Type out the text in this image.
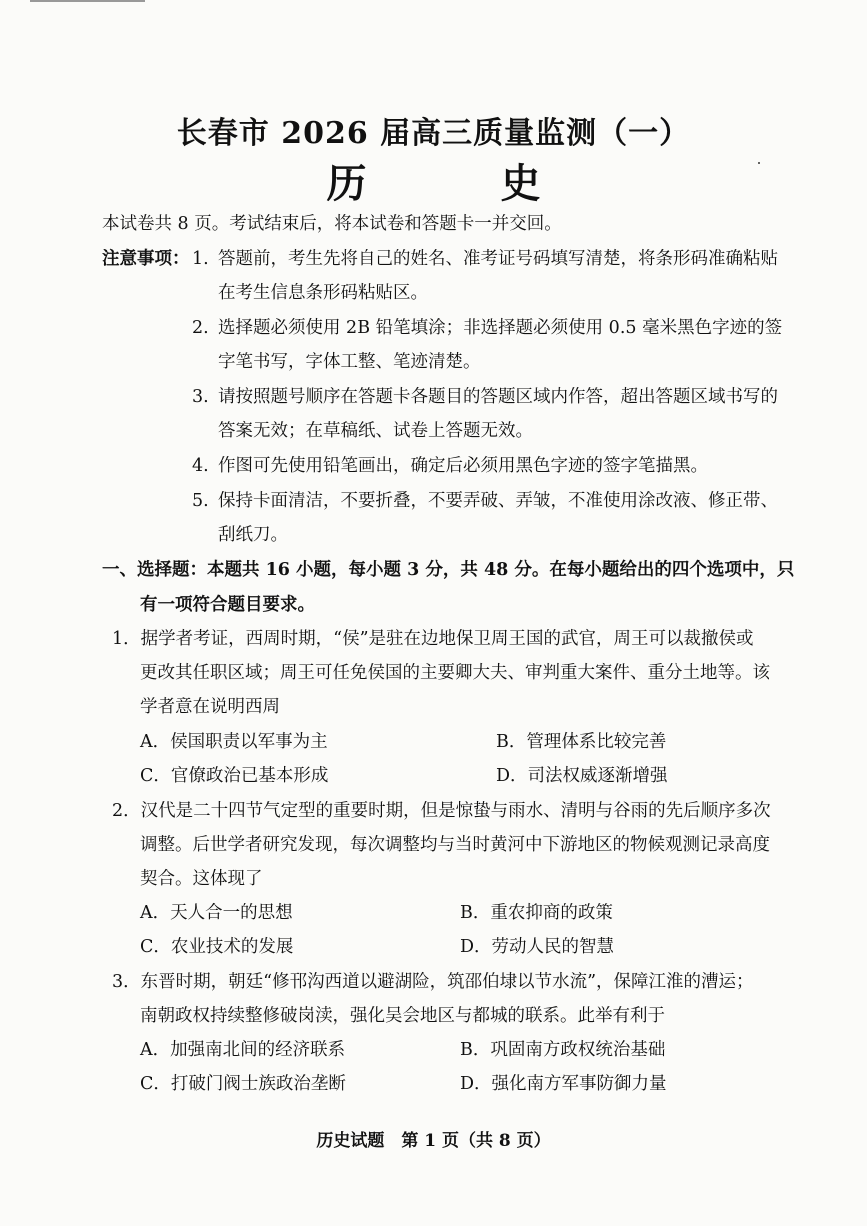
长春市 2026 届高三质量监测（一）
历 史
本试卷共 8 页。考试结束后，将本试卷和答题卡一并交回。
注意事项： 1. 答题前，考生先将自己的姓名、准考证号码填写清楚，将条形码准确粘贴
在考生信息条形码粘贴区。
2. 选择题必须使用 2B 铅笔填涂；非选择题必须使用 0.5 毫米黑色字迹的签
字笔书写，字体工整、笔迹清楚。
3. 请按照题号顺序在答题卡各题目的答题区域内作答，超出答题区域书写的
答案无效；在草稿纸、试卷上答题无效。
4. 作图可先使用铅笔画出，确定后必须用黑色字迹的签字笔描黑。
5. 保持卡面清洁，不要折叠，不要弄破、弄皱，不准使用涂改液、修正带、
刮纸刀。
一、选择题：本题共 16 小题，每小题 3 分，共 48 分。在每小题给出的四个选项中，只
有一项符合题目要求。
1．据学者考证，西周时期，“侯”是驻在边地保卫周王国的武官，周王可以裁撤侯或
更改其任职区域；周王可任免侯国的主要卿大夫、审判重大案件、重分土地等。该
学者意在说明西周
A．侯国职责以军事为主	B．管理体系比较完善
C．官僚政治已基本形成	D．司法权威逐渐增强
2．汉代是二十四节气定型的重要时期，但是惊蛰与雨水、清明与谷雨的先后顺序多次
调整。后世学者研究发现，每次调整均与当时黄河中下游地区的物候观测记录高度
契合。这体现了
A．天人合一的思想	B．重农抑商的政策
C．农业技术的发展	D．劳动人民的智慧
3．东晋时期，朝廷“修邗沟西道以避湖险，筑邵伯埭以节水流”，保障江淮的漕运；
南朝政权持续整修破岗渎，强化吴会地区与都城的联系。此举有利于
A．加强南北间的经济联系	B．巩固南方政权统治基础
C．打破门阀士族政治垄断	D．强化南方军事防御力量
历史试题　第 1 页（共 8 页）
